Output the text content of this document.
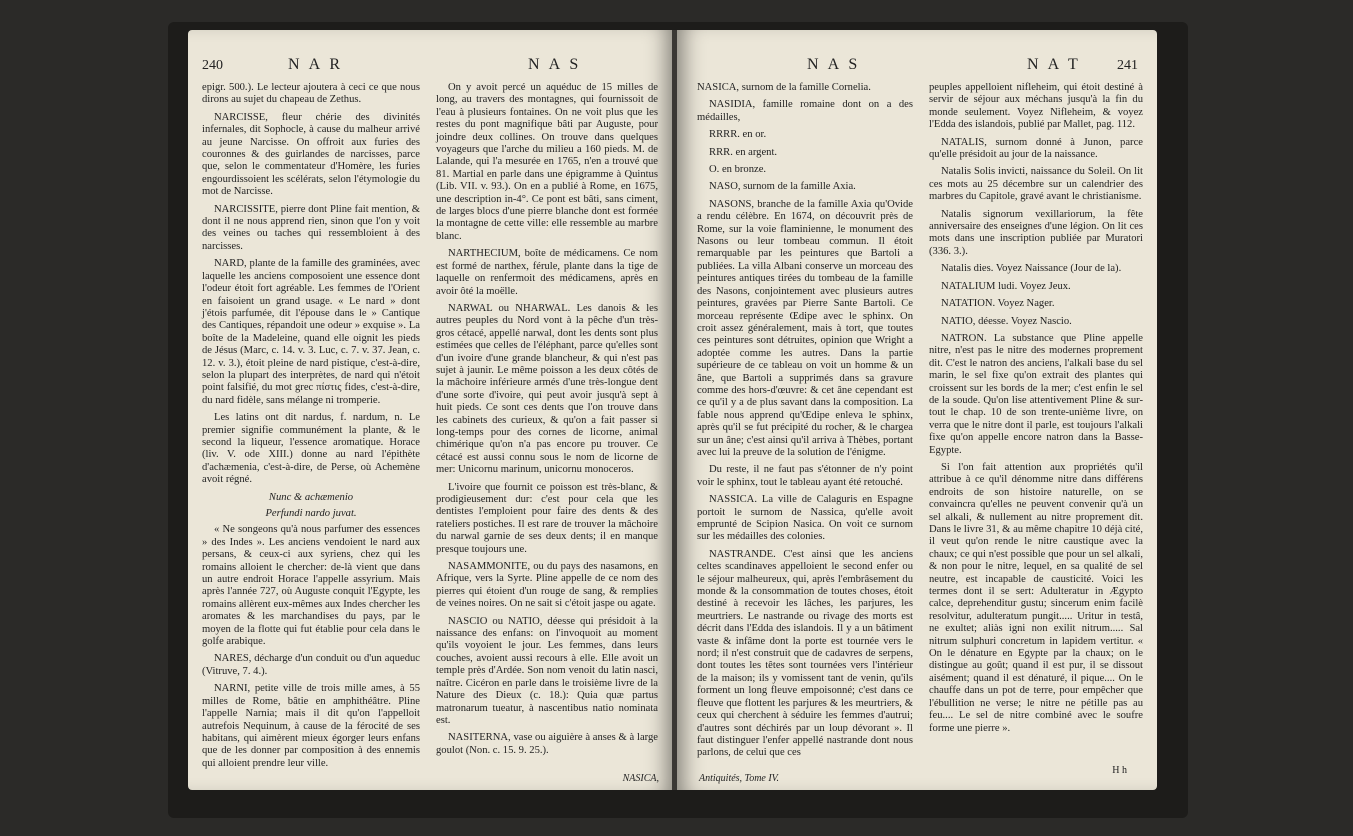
240	N A R	N A S

epigr. 500.). Le lecteur ajoutera à ceci ce que nous dirons au sujet du chapeau de Zethus.

NARCISSE, fleur chérie des divinités infernales, dit Sophocle, à cause du malheur arrivé au jeune Narcisse. On offroit aux furies des couronnes & des guirlandes de narcisses, parce que, selon le commentateur d'Homère, les furies engourdissoient les scélérats, selon l'étymologie du mot de Narcisse.

NARCISSITE, pierre dont Pline fait mention, & dont il ne nous apprend rien, sinon que l'on y voit des veines ou taches qui ressembloient à des narcisses.

NARD, plante de la famille des graminées, avec laquelle les anciens composoient une essence dont l'odeur étoit fort agréable. Les femmes de l'Orient en faisoient un grand usage. « Le nard » dont j'étois parfumée, dit l'épouse dans le » Cantique des Cantiques, répandoit une odeur » exquise ». La boîte de la Madeleine, quand elle oignit les pieds de Jésus (Marc, c. 14. v. 3. Luc, c. 7. v. 37. Jean, c. 12. v. 3.), étoit pleine de nard pistique, c'est-à-dire, selon la plupart des interprètes, de nard qui n'étoit point falsifié, du mot grec πίστις fides, c'est-à-dire, du nard fidèle, sans mélange ni tromperie.

Les latins ont dit nardus, f. nardum, n. Le premier signifie communément la plante, & le second la liqueur, l'essence aromatique. Horace (liv. V. ode XIII.) donne au nard l'épithète d'achæmenia, c'est-à-dire, de Perse, où Achemène avoit régné.

Nunc & achæmenio

Perfundi nardo juvat.

« Ne songeons qu'à nous parfumer des essences » des Indes ». Les anciens vendoient le nard aux persans, & ceux-ci aux syriens, chez qui les romains alloient le chercher: de-là vient que dans un autre endroit Horace l'appelle assyrium. Mais après l'année 727, où Auguste conquit l'Egypte, les romains allèrent eux-mêmes aux Indes chercher les aromates & les marchandises du pays, par le moyen de la flotte qui fut établie pour cela dans le golfe arabique.

NARES, décharge d'un conduit ou d'un aqueduc (Vitruve, 7. 4.).

NARNI, petite ville de trois mille ames, à 55 milles de Rome, bâtie en amphithéâtre. Pline l'appelle Narnia; mais il dit qu'on l'appelloit autrefois Nequinum, à cause de la férocité de ses habitans, qui aimèrent mieux égorger leurs enfans que de les donner par composition à des ennemis qui alloient prendre leur ville.

On y avoit percé un aquéduc de 15 milles de long, au travers des montagnes, qui fournissoit de l'eau à plusieurs fontaines. On ne voit plus que les restes du pont magnifique bâti par Auguste, pour joindre deux collines. On trouve dans quelques voyageurs que l'arche du milieu a 160 pieds. M. de Lalande, qui l'a mesurée en 1765, n'en a trouvé que 81. Martial en parle dans une épigramme à Quintus (Lib. VII. v. 93.). On en a publié à Rome, en 1675, une description in-4°. Ce pont est bâti, sans ciment, de larges blocs d'une pierre blanche dont est formée la montagne de cette ville: elle ressemble au marbre blanc.

NARTHECIUM, boîte de médicamens. Ce nom est formé de narthex, férule, plante dans la tige de laquelle on renfermoit des médicamens, après en avoir ôté la moëlle.

NARWAL ou NHARWAL. Les danois & les autres peuples du Nord vont à la pêche d'un très-gros cétacé, appellé narwal, dont les dents sont plus estimées que celles de l'éléphant, parce qu'elles sont d'un ivoire d'une grande blancheur, & qui n'est pas sujet à jaunir. Le même poisson a les deux côtés de la mâchoire inférieure armés d'une très-longue dent d'une sorte d'ivoire, qui peut avoir jusqu'à sept à huit pieds. Ce sont ces dents que l'on trouve dans les cabinets des curieux, & qu'on a fait passer si long-temps pour des cornes de licorne, animal chimérique qu'on n'a pas encore pu trouver. Ce cétacé est aussi connu sous le nom de licorne de mer: Unicornu marinum, unicornu monoceros.

L'ivoire que fournit ce poisson est très-blanc, & prodigieusement dur: c'est pour cela que les dentistes l'emploient pour faire des dents & des rateliers postiches. Il est rare de trouver la mâchoire du narwal garnie de ses deux dents; il en manque presque toujours une.

NASAMMONITE, ou du pays des nasamons, en Afrique, vers la Syrte. Pline appelle de ce nom des pierres qui étoient d'un rouge de sang, & remplies de veines noires. On ne sait si c'étoit jaspe ou agate.

NASCIO ou NATIO, déesse qui présidoit à la naissance des enfans: on l'invoquoit au moment qu'ils voyoient le jour. Les femmes, dans leurs couches, avoient aussi recours à elle. Elle avoit un temple près d'Ardée. Son nom venoit du latin nasci, naître. Cicéron en parle dans le troisième livre de la Nature des Dieux (c. 18.): Quia quæ partus matronarum tueatur, à nascentibus natio nominata est.

NASITERNA, vase ou aiguière à anses & à large goulot (Non. c. 15. 9. 25.).

NASICA,
N A S	N A T	241

NASICA, surnom de la famille Cornelia.

NASIDIA, famille romaine dont on a des médailles,

RRRR. en or.

RRR. en argent.

O. en bronze.

NASO, surnom de la famille Axia.

NASONS, branche de la famille Axia qu'Ovide a rendu célèbre. En 1674, on découvrit près de Rome, sur la voie flaminienne, le monument des Nasons ou leur tombeau commun. Il étoit remarquable par les peintures que Bartoli a publiées. La villa Albani conserve un morceau des peintures antiques tirées du tombeau de la famille des Nasons, conjointement avec plusieurs autres peintures, gravées par Pierre Sante Bartoli. Ce morceau représente Œdipe avec le sphinx. On croit assez généralement, mais à tort, que toutes ces peintures sont détruites, opinion que Wright a adoptée comme les autres. Dans la partie supérieure de ce tableau on voit un homme & un âne, que Bartoli a supprimés dans sa gravure comme des hors-d'œuvre: & cet âne cependant est ce qu'il y a de plus savant dans la composition. La fable nous apprend qu'Œdipe enleva le sphinx, après qu'il se fut précipité du rocher, & le chargea sur un âne; c'est ainsi qu'il arriva à Thèbes, portant avec lui la preuve de la solution de l'énigme.

Du reste, il ne faut pas s'étonner de n'y point voir le sphinx, tout le tableau ayant été retouché.

NASSICA. La ville de Calaguris en Espagne portoit le surnom de Nassica, qu'elle avoit emprunté de Scipion Nasica. On voit ce surnom sur les médailles des colonies.

NASTRANDE. C'est ainsi que les anciens celtes scandinaves appelloient le second enfer ou le séjour malheureux, qui, après l'embrâsement du monde & la consommation de toutes choses, étoit destiné à recevoir les lâches, les parjures, les meurtriers. Le nastrande ou rivage des morts est décrit dans l'Edda des islandois. Il y a un bâtiment vaste & infâme dont la porte est tournée vers le nord; il n'est construit que de cadavres de serpens, dont toutes les têtes sont tournées vers l'intérieur de la maison; ils y vomissent tant de venin, qu'ils forment un long fleuve empoisonné; c'est dans ce fleuve que flottent les parjures & les meurtriers, & ceux qui cherchent à séduire les femmes d'autrui; d'autres sont déchirés par un loup dévorant ». Il faut distinguer l'enfer appellé nastrande dont nous parlons, de celui que ces

peuples appelloient nifleheim, qui étoit destiné à servir de séjour aux méchans jusqu'à la fin du monde seulement. Voyez Nifleheim, & voyez l'Edda des islandois, publié par Mallet, pag. 112.

NATALIS, surnom donné à Junon, parce qu'elle présidoit au jour de la naissance.

Natalis Solis invicti, naissance du Soleil. On lit ces mots au 25 décembre sur un calendrier des marbres du Capitole, gravé avant le christianisme.

Natalis signorum vexillariorum, la fête anniversaire des enseignes d'une légion. On lit ces mots dans une inscription publiée par Muratori (336. 3.).

Natalis dies. Voyez Naissance (Jour de la).

NATALIUM ludi. Voyez Jeux.

NATATION. Voyez Nager.

NATIO, déesse. Voyez Nascio.

NATRON. La substance que Pline appelle nitre, n'est pas le nitre des modernes proprement dit. C'est le natron des anciens, l'alkali base du sel marin, le sel fixe qu'on extrait des plantes qui croissent sur les bords de la mer; c'est enfin le sel de la soude. Qu'on lise attentivement Pline & sur-tout le chap. 10 de son trente-unième livre, on verra que le nitre dont il parle, est toujours l'alkali fixe qu'on appelle encore natron dans la Basse-Egypte.

Si l'on fait attention aux propriétés qu'il attribue à ce qu'il dénomme nitre dans différens endroits de son histoire naturelle, on se convaincra qu'elles ne peuvent convenir qu'à un sel alkali, & nullement au nitre proprement dit. Dans le livre 31, & au même chapitre 10 déjà cité, il veut qu'on rende le nitre caustique avec la chaux; ce qui n'est possible que pour un sel alkali, & non pour le nitre, lequel, en sa qualité de sel neutre, est incapable de causticité. Voici les termes dont il se sert: Adulteratur in Ægypto calce, deprehenditur gustu; sincerum enim facilè resolvitur, adulteratum pungit..... Uritur in testâ, ne exultet; aliàs igni non exilit nitrum..... Sal nitrum sulphuri concretum in lapidem vertitur. « On le dénature en Egypte par la chaux; on le distingue au goût; quand il est pur, il se dissout aisément; quand il est dénaturé, il pique.... On le chauffe dans un pot de terre, pour empêcher que l'ébullition ne verse; le nitre ne pétille pas au feu.... Le sel de nitre combiné avec le soufre forme une pierre ».

Antiquités, Tome IV.
H h
